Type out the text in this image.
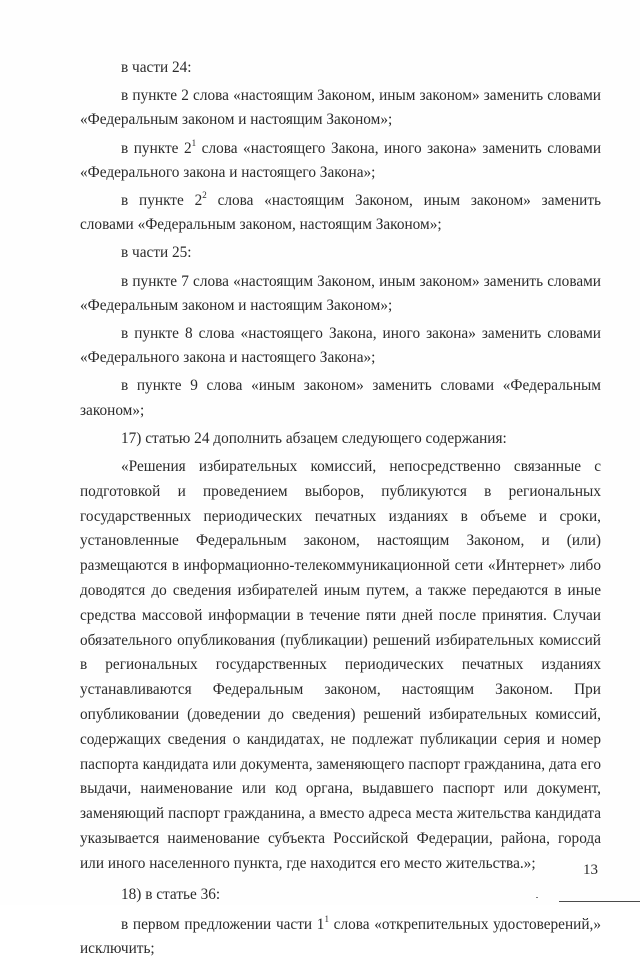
в части 24:

в пункте 2 слова «настоящим Законом, иным законом» заменить словами «Федеральным законом и настоящим Законом»;

в пункте $2^1$ слова «настоящего Закона, иного закона» заменить словами «Федерального закона и настоящего Закона»;

в пункте $2^2$ слова «настоящим Законом, иным законом» заменить словами «Федеральным законом, настоящим Законом»;

в части 25:

в пункте 7 слова «настоящим Законом, иным законом» заменить словами «Федеральным законом и настоящим Законом»;

в пункте 8 слова «настоящего Закона, иного закона» заменить словами «Федерального закона и настоящего Закона»;

в пункте 9 слова «иным законом» заменить словами «Федеральным законом»;

17) статью 24 дополнить абзацем следующего содержания:

«Решения избирательных комиссий, непосредственно связанные с подготовкой и проведением выборов, публикуются в региональных государственных периодических печатных изданиях в объеме и сроки, установленные Федеральным законом, настоящим Законом, и (или) размещаются в информационно-телекоммуникационной сети «Интернет» либо доводятся до сведения избирателей иным путем, а также передаются в иные средства массовой информации в течение пяти дней после принятия. Случаи обязательного опубликования (публикации) решений избирательных комиссий в региональных государственных периодических печатных изданиях устанавливаются Федеральным законом, настоящим Законом. При опубликовании (доведении до сведения) решений избирательных комиссий, содержащих сведения о кандидатах, не подлежат публикации серия и номер паспорта кандидата или документа, заменяющего паспорт гражданина, дата его выдачи, наименование или код органа, выдавшего паспорт или документ, заменяющий паспорт гражданина, а вместо адреса места жительства кандидата указывается наименование субъекта Российской Федерации, района, города или иного населенного пункта, где находится его место жительства.»;

18) в статье 36:

в первом предложении части $1^1$ слова «открепительных удостоверений,» исключить;

13
